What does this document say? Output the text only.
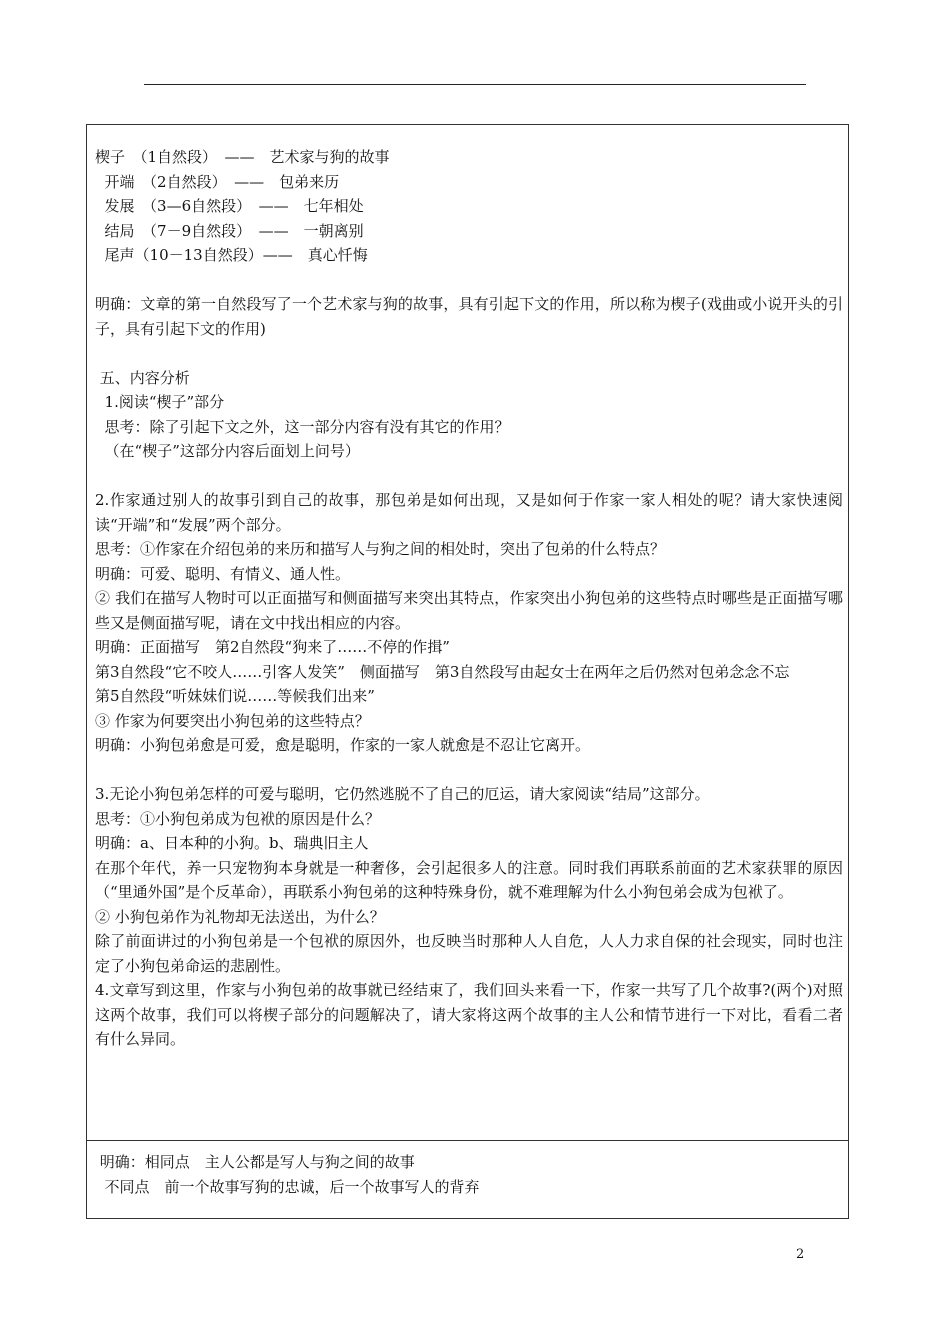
楔子　（1自然段）　——　艺术家与狗的故事
开端　（2自然段）　——　包弟来历
发展　（3—6自然段）　——　七年相处
结局　（7－9自然段）　——　一朝离别
尾声（10－13自然段）——　真心忏悔
明确：文章的第一自然段写了一个艺术家与狗的故事，具有引起下文的作用，所以称为楔子(戏曲或小说开头的引子，具有引起下文的作用)
五、内容分析
1.阅读“楔子”部分
思考：除了引起下文之外，这一部分内容有没有其它的作用？
（在“楔子”这部分内容后面划上问号）
2.作家通过别人的故事引到自己的故事，那包弟是如何出现，又是如何于作家一家人相处的呢？请大家快速阅读“开端”和“发展”两个部分。
思考：①作家在介绍包弟的来历和描写人与狗之间的相处时，突出了包弟的什么特点？
明确：可爱、聪明、有情义、通人性。
② 我们在描写人物时可以正面描写和侧面描写来突出其特点，作家突出小狗包弟的这些特点时哪些是正面描写哪些又是侧面描写呢，请在文中找出相应的内容。
明确：正面描写　第2自然段“狗来了……不停的作揖”
第3自然段“它不咬人……引客人发笑”　侧面描写　第3自然段写由起女士在两年之后仍然对包弟念念不忘
第5自然段“听妹妹们说……等候我们出来”
③ 作家为何要突出小狗包弟的这些特点？
明确：小狗包弟愈是可爱，愈是聪明，作家的一家人就愈是不忍让它离开。
3.无论小狗包弟怎样的可爱与聪明，它仍然逃脱不了自己的厄运，请大家阅读“结局”这部分。
思考：①小狗包弟成为包袱的原因是什么？
明确：a、日本种的小狗。b、瑞典旧主人
在那个年代，养一只宠物狗本身就是一种奢侈，会引起很多人的注意。同时我们再联系前面的艺术家获罪的原因（“里通外国”是个反革命），再联系小狗包弟的这种特殊身份，就不难理解为什么小狗包弟会成为包袱了。
② 小狗包弟作为礼物却无法送出，为什么？
除了前面讲过的小狗包弟是一个包袱的原因外，也反映当时那种人人自危，人人力求自保的社会现实，同时也注定了小狗包弟命运的悲剧性。
4.文章写到这里，作家与小狗包弟的故事就已经结束了，我们回头来看一下，作家一共写了几个故事?(两个)对照这两个故事，我们可以将楔子部分的问题解决了，请大家将这两个故事的主人公和情节进行一下对比，看看二者有什么异同。
明确：相同点　主人公都是写人与狗之间的故事
不同点　前一个故事写狗的忠诚，后一个故事写人的背弃
2
